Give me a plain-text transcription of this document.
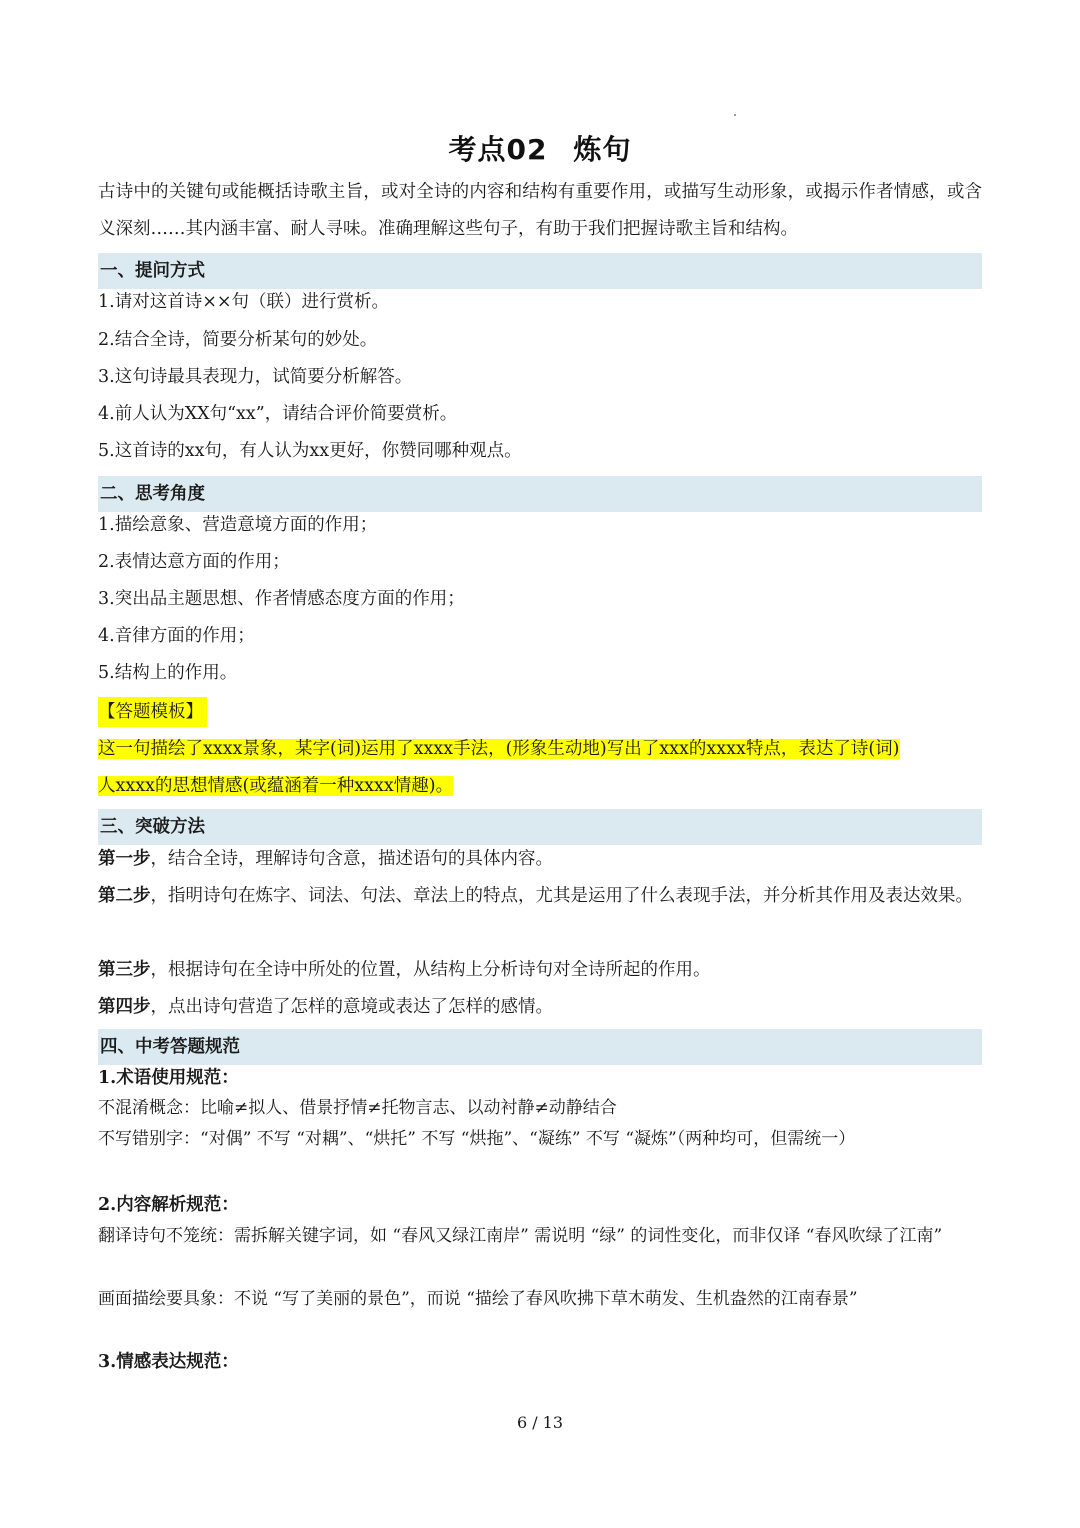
考点02 炼句
古诗中的关键句或能概括诗歌主旨，或对全诗的内容和结构有重要作用，或描写生动形象，或揭示作者情感，或含义深刻……其内涵丰富、耐人寻味。准确理解这些句子，有助于我们把握诗歌主旨和结构。
一、提问方式
1.请对这首诗××句（联）进行赏析。
2.结合全诗，简要分析某句的妙处。
3.这句诗最具表现力，试简要分析解答。
4.前人认为XX句“xx”，请结合评价简要赏析。
5.这首诗的xx句，有人认为xx更好，你赞同哪种观点。
二、思考角度
1.描绘意象、营造意境方面的作用；
2.表情达意方面的作用；
3.突出品主题思想、作者情感态度方面的作用；
4.音律方面的作用；
5.结构上的作用。
【答题模板】
这一句描绘了xxxx景象，某字(词)运用了xxxx手法，(形象生动地)写出了xxx的xxxx特点，表达了诗(词)
人xxxx的思想情感(或蕴涵着一种xxxx情趣)。
三、突破方法
第一步，结合全诗，理解诗句含意，描述语句的具体内容。
第二步，指明诗句在炼字、词法、句法、章法上的特点，尤其是运用了什么表现手法，并分析其作用及表达效果。
第三步，根据诗句在全诗中所处的位置，从结构上分析诗句对全诗所起的作用。
第四步，点出诗句营造了怎样的意境或表达了怎样的感情。
四、中考答题规范
1.术语使用规范：
不混淆概念：比喻≠拟人、借景抒情≠托物言志、以动衬静≠动静结合
不写错别字：“对偶” 不写 “对耦”、“烘托” 不写 “烘拖”、“凝练” 不写 “凝炼”（两种均可，但需统一）
2.内容解析规范：
翻译诗句不笼统：需拆解关键字词，如 “春风又绿江南岸” 需说明 “绿” 的词性变化，而非仅译 “春风吹绿了江南”
画面描绘要具象：不说 “写了美丽的景色”，而说 “描绘了春风吹拂下草木萌发、生机盎然的江南春景”
3.情感表达规范：
6 / 13
